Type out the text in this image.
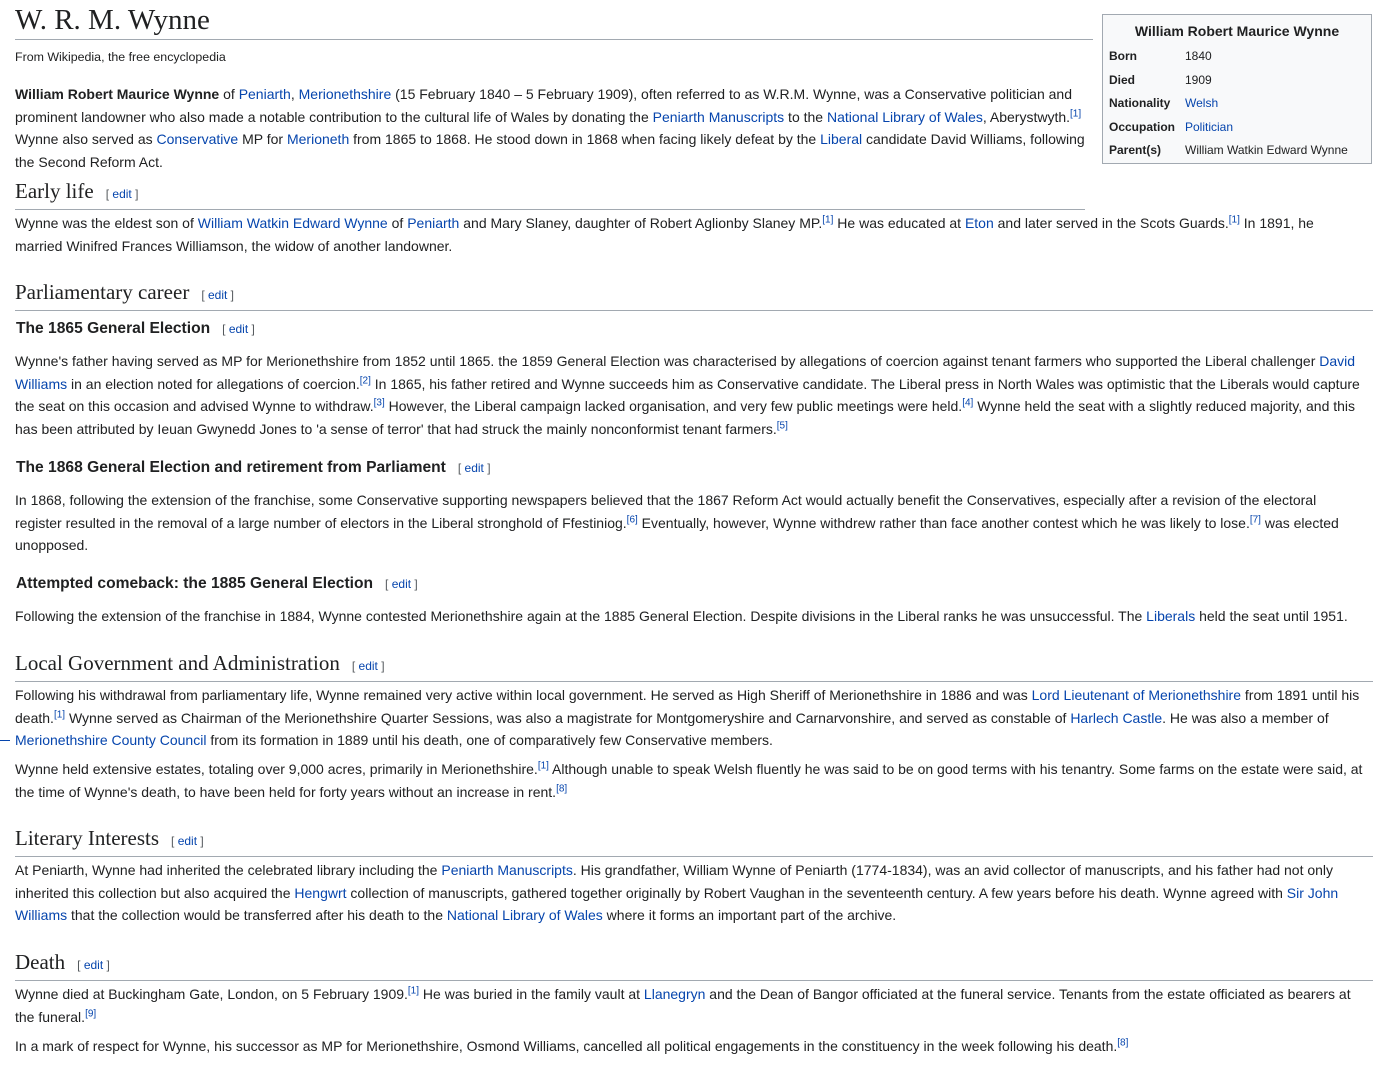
W. R. M. Wynne
From Wikipedia, the free encyclopedia
William Robert Maurice Wynne
Born	1840
Died	1909
Nationality	Welsh
Occupation Politician
Parent(s)	William Watkin Edward Wynne

William Robert Maurice Wynne of Peniarth, Merionethshire (15 February 1840 – 5 February 1909), often referred to as W.R.M. Wynne, was a Conservative politician and prominent landowner who also made a notable contribution to the cultural life of Wales by donating the Peniarth Manuscripts to the National Library of Wales, Aberystwyth.[1] Wynne also served as Conservative MP for Merioneth from 1865 to 1868. He stood down in 1868 when facing likely defeat by the Liberal candidate David Williams, following the Second Reform Act.

Early life [ edit ]

Wynne was the eldest son of William Watkin Edward Wynne of Peniarth and Mary Slaney, daughter of Robert Aglionby Slaney MP.[1] He was educated at Eton and later served in the Scots Guards.[1] In 1891, he married Winifred Frances Williamson, the widow of another landowner.

Parliamentary career [ edit ]
The 1865 General Election [ edit ]

Wynne's father having served as MP for Merionethshire from 1852 until 1865. the 1859 General Election was characterised by allegations of coercion against tenant farmers who supported the Liberal challenger David Williams in an election noted for allegations of coercion.[2] In 1865, his father retired and Wynne succeeds him as Conservative candidate. The Liberal press in North Wales was optimistic that the Liberals would capture the seat on this occasion and advised Wynne to withdraw.[3] However, the Liberal campaign lacked organisation, and very few public meetings were held.[4] Wynne held the seat with a slightly reduced majority, and this has been attributed by Ieuan Gwynedd Jones to 'a sense of terror' that had struck the mainly nonconformist tenant farmers.[5]

The 1868 General Election and retirement from Parliament [ edit ]

In 1868, following the extension of the franchise, some Conservative supporting newspapers believed that the 1867 Reform Act would actually benefit the Conservatives, especially after a revision of the electoral register resulted in the removal of a large number of electors in the Liberal stronghold of Ffestiniog.[6] Eventually, however, Wynne withdrew rather than face another contest which he was likely to lose.[7] was elected unopposed.

Attempted comeback: the 1885 General Election [ edit ]

Following the extension of the franchise in 1884, Wynne contested Merionethshire again at the 1885 General Election. Despite divisions in the Liberal ranks he was unsuccessful. The Liberals held the seat until 1951.

Local Government and Administration [ edit ]

Following his withdrawal from parliamentary life, Wynne remained very active within local government. He served as High Sheriff of Merionethshire in 1886 and was Lord Lieutenant of Merionethshire from 1891 until his death.[1] Wynne served as Chairman of the Merionethshire Quarter Sessions, was also a magistrate for Montgomeryshire and Carnarvonshire, and served as constable of Harlech Castle. He was also a member of Merionethshire County Council from its formation in 1889 until his death, one of comparatively few Conservative members.

Wynne held extensive estates, totaling over 9,000 acres, primarily in Merionethshire.[1] Although unable to speak Welsh fluently he was said to be on good terms with his tenantry. Some farms on the estate were said, at the time of Wynne's death, to have been held for forty years without an increase in rent.[8]

Literary Interests [ edit ]

At Peniarth, Wynne had inherited the celebrated library including the Peniarth Manuscripts. His grandfather, William Wynne of Peniarth (1774-1834), was an avid collector of manuscripts, and his father had not only inherited this collection but also acquired the Hengwrt collection of manuscripts, gathered together originally by Robert Vaughan in the seventeenth century. A few years before his death. Wynne agreed with Sir John Williams that the collection would be transferred after his death to the National Library of Wales where it forms an important part of the archive.

Death [ edit ]

Wynne died at Buckingham Gate, London, on 5 February 1909.[1] He was buried in the family vault at Llanegryn and the Dean of Bangor officiated at the funeral service. Tenants from the estate officiated as bearers at the funeral.[9]

In a mark of respect for Wynne, his successor as MP for Merionethshire, Osmond Williams, cancelled all political engagements in the constituency in the week following his death.[8]
